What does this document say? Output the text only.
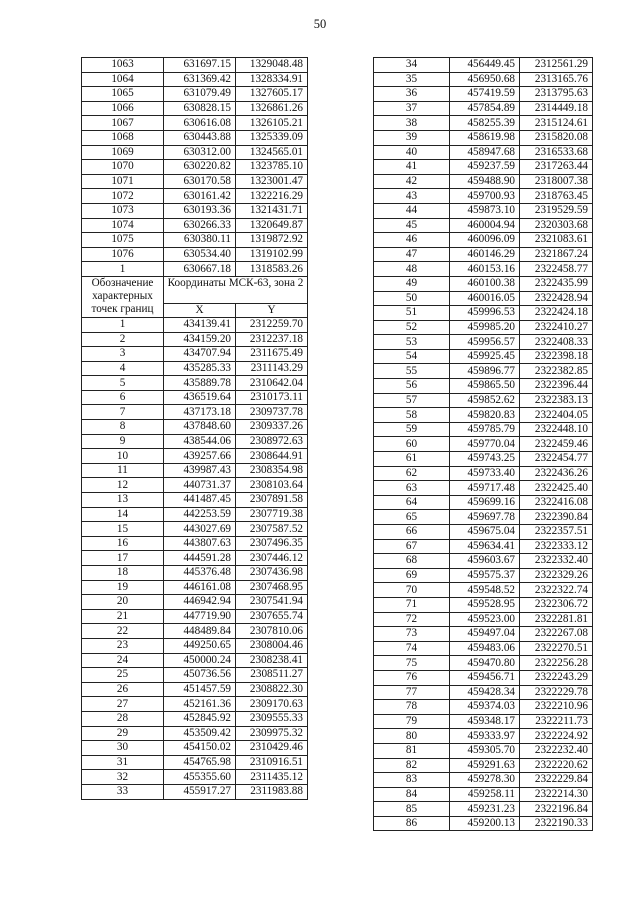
50
1063	631697.15	1329048.48
1064	631369.42	1328334.91
1065	631079.49	1327605.17
1066	630828.15	1326861.26
1067	630616.08	1326105.21
1068	630443.88	1325339.09
1069	630312.00	1324565.01
1070	630220.82	1323785.10
1071	630170.58	1323001.47
1072	630161.42	1322216.29
1073	630193.36	1321431.71
1074	630266.33	1320649.87
1075	630380.11	1319872.92
1076	630534.40	1319102.99
1	630667.18	1318583.26
Обозначение характерных точек границ	Координаты МСК-63, зона 2	
	X	Y
1	434139.41	2312259.70
2	434159.20	2312237.18
3	434707.94	2311675.49
4	435285.33	2311143.29
5	435889.78	2310642.04
6	436519.64	2310173.11
7	437173.18	2309737.78
8	437848.60	2309337.26
9	438544.06	2308972.63
10	439257.66	2308644.91
11	439987.43	2308354.98
12	440731.37	2308103.64
13	441487.45	2307891.58
14	442253.59	2307719.38
15	443027.69	2307587.52
16	443807.63	2307496.35
17	444591.28	2307446.12
18	445376.48	2307436.98
19	446161.08	2307468.95
20	446942.94	2307541.94
21	447719.90	2307655.74
22	448489.84	2307810.06
23	449250.65	2308004.46
24	450000.24	2308238.41
25	450736.56	2308511.27
26	451457.59	2308822.30
27	452161.36	2309170.63
28	452845.92	2309555.33
29	453509.42	2309975.32
30	454150.02	2310429.46
31	454765.98	2310916.51
32	455355.60	2311435.12
33	455917.27	2311983.88
34	456449.45	2312561.29
35	456950.68	2313165.76
36	457419.59	2313795.63
37	457854.89	2314449.18
38	458255.39	2315124.61
39	458619.98	2315820.08
40	458947.68	2316533.68
41	459237.59	2317263.44
42	459488.90	2318007.38
43	459700.93	2318763.45
44	459873.10	2319529.59
45	460004.94	2320303.68
46	460096.09	2321083.61
47	460146.29	2321867.24
48	460153.16	2322458.77
49	460100.38	2322435.99
50	460016.05	2322428.94
51	459996.53	2322424.18
52	459985.20	2322410.27
53	459956.57	2322408.33
54	459925.45	2322398.18
55	459896.77	2322382.85
56	459865.50	2322396.44
57	459852.62	2322383.13
58	459820.83	2322404.05
59	459785.79	2322448.10
60	459770.04	2322459.46
61	459743.25	2322454.77
62	459733.40	2322436.26
63	459717.48	2322425.40
64	459699.16	2322416.08
65	459697.78	2322390.84
66	459675.04	2322357.51
67	459634.41	2322333.12
68	459603.67	2322332.40
69	459575.37	2322329.26
70	459548.52	2322322.74
71	459528.95	2322306.72
72	459523.00	2322281.81
73	459497.04	2322267.08
74	459483.06	2322270.51
75	459470.80	2322256.28
76	459456.71	2322243.29
77	459428.34	2322229.78
78	459374.03	2322210.96
79	459348.17	2322211.73
80	459333.97	2322224.92
81	459305.70	2322232.40
82	459291.63	2322220.62
83	459278.30	2322229.84
84	459258.11	2322214.30
85	459231.23	2322196.84
86	459200.13	2322190.33
